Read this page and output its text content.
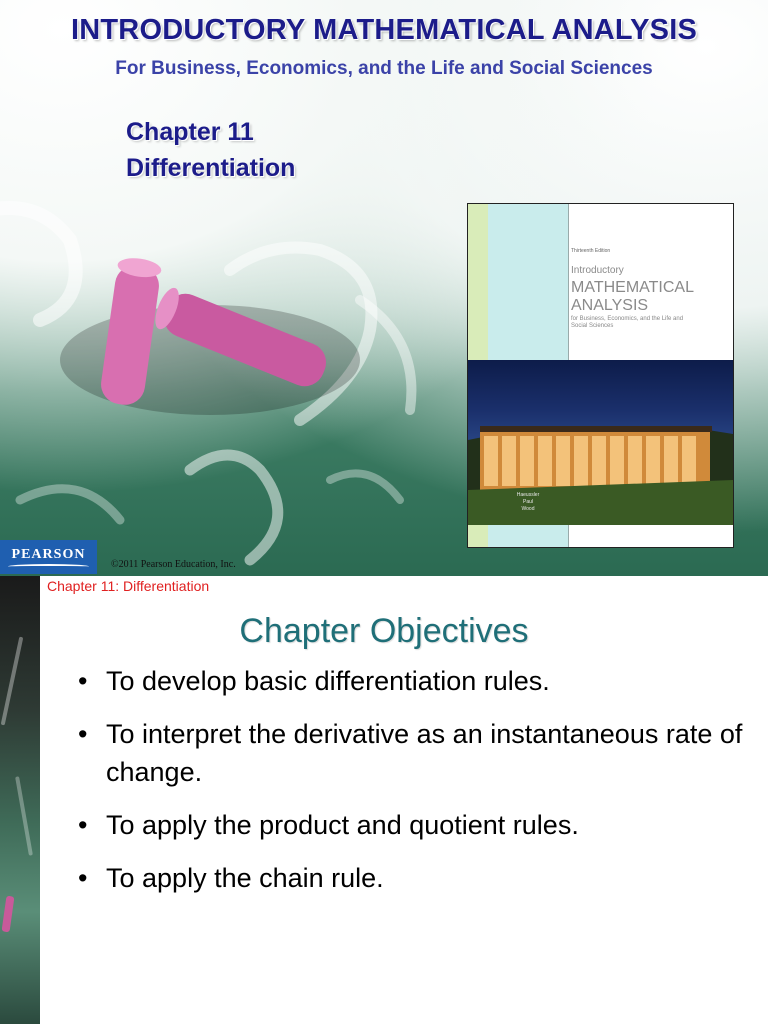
INTRODUCTORY MATHEMATICAL ANALYSIS
For Business, Economics, and the Life and Social Sciences
Chapter 11
Differentiation
Thirteenth Edition
Introductory
MATHEMATICAL
ANALYSIS
for Business, Economics, and the Life and Social Sciences
Haeussler
Paul
Wood
PEARSON
©2011 Pearson Education, Inc.
Chapter 11: Differentiation
Chapter Objectives
• To develop basic differentiation rules.
• To interpret the derivative as an instantaneous rate of change.
• To apply the product and quotient rules.
• To apply the chain rule.
